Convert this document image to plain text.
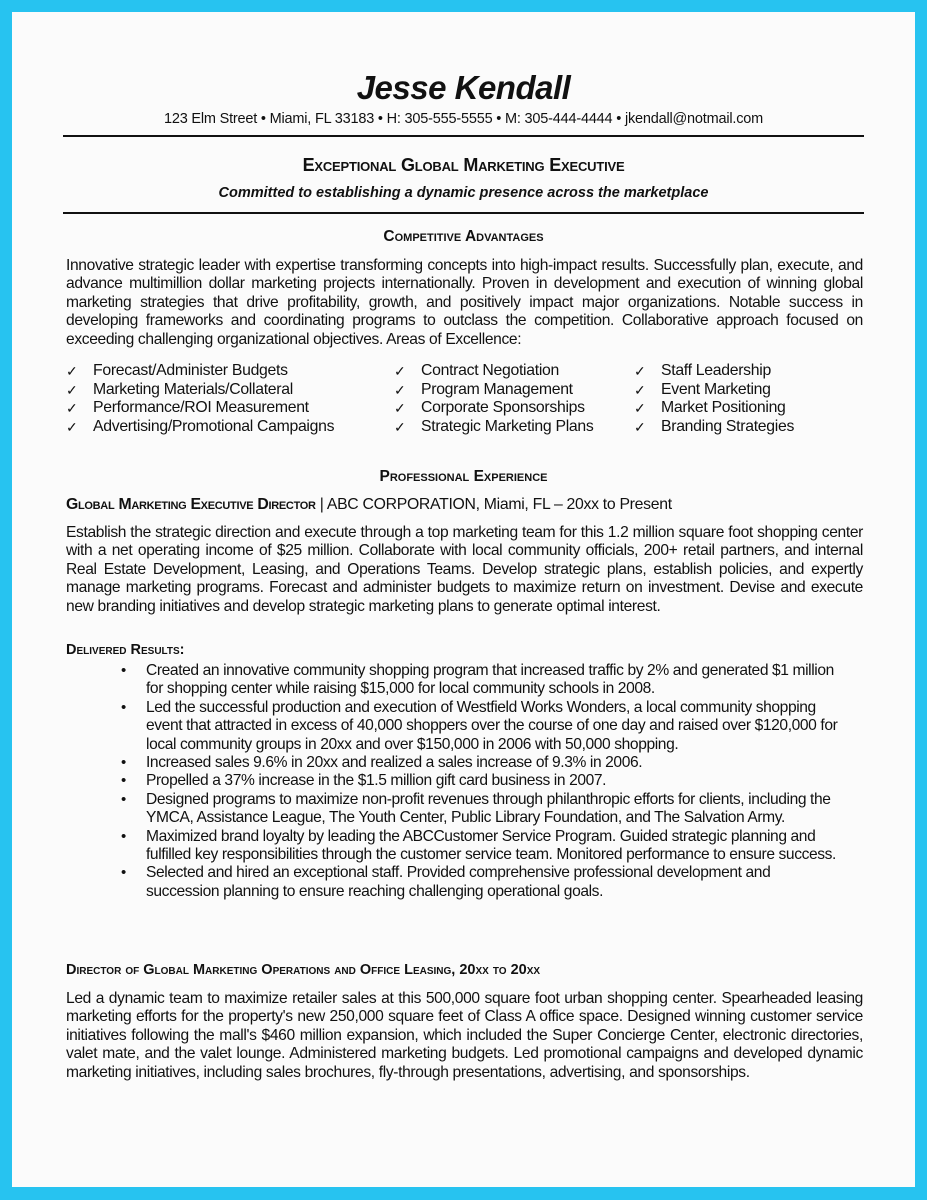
Jesse Kendall
123 Elm Street • Miami, FL 33183 • H: 305-555-5555 • M: 305-444-4444 • jkendall@notmail.com
Exceptional Global Marketing Executive
Committed to establishing a dynamic presence across the marketplace
Competitive Advantages
Innovative strategic leader with expertise transforming concepts into high-impact results. Successfully plan, execute, and advance multimillion dollar marketing projects internationally. Proven in development and execution of winning global marketing strategies that drive profitability, growth, and positively impact major organizations. Notable success in developing frameworks and coordinating programs to outclass the competition. Collaborative approach focused on exceeding challenging organizational objectives. Areas of Excellence:
✓ Forecast/Administer Budgets
✓ Marketing Materials/Collateral
✓ Performance/ROI Measurement
✓ Advertising/Promotional Campaigns
✓ Contract Negotiation
✓ Program Management
✓ Corporate Sponsorships
✓ Strategic Marketing Plans
✓ Staff Leadership
✓ Event Marketing
✓ Market Positioning
✓ Branding Strategies
Professional Experience
Global Marketing Executive Director | ABC CORPORATION, Miami, FL – 20xx to Present
Establish the strategic direction and execute through a top marketing team for this 1.2 million square foot shopping center with a net operating income of $25 million. Collaborate with local community officials, 200+ retail partners, and internal Real Estate Development, Leasing, and Operations Teams. Develop strategic plans, establish policies, and expertly manage marketing programs. Forecast and administer budgets to maximize return on investment. Devise and execute new branding initiatives and develop strategic marketing plans to generate optimal interest.
Delivered Results:
• Created an innovative community shopping program that increased traffic by 2% and generated $1 million for shopping center while raising $15,000 for local community schools in 2008.
• Led the successful production and execution of Westfield Works Wonders, a local community shopping event that attracted in excess of 40,000 shoppers over the course of one day and raised over $120,000 for local community groups in 20xx and over $150,000 in 2006 with 50,000 shopping.
• Increased sales 9.6% in 20xx and realized a sales increase of 9.3% in 2006.
• Propelled a 37% increase in the $1.5 million gift card business in 2007.
• Designed programs to maximize non-profit revenues through philanthropic efforts for clients, including the YMCA, Assistance League, The Youth Center, Public Library Foundation, and The Salvation Army.
• Maximized brand loyalty by leading the ABCCustomer Service Program. Guided strategic planning and fulfilled key responsibilities through the customer service team. Monitored performance to ensure success.
• Selected and hired an exceptional staff. Provided comprehensive professional development and succession planning to ensure reaching challenging operational goals.
Director of Global Marketing Operations and Office Leasing, 20xx to 20xx
Led a dynamic team to maximize retailer sales at this 500,000 square foot urban shopping center. Spearheaded leasing marketing efforts for the property's new 250,000 square feet of Class A office space. Designed winning customer service initiatives following the mall's $460 million expansion, which included the Super Concierge Center, electronic directories, valet mate, and the valet lounge. Administered marketing budgets. Led promotional campaigns and developed dynamic marketing initiatives, including sales brochures, fly-through presentations, advertising, and sponsorships.
